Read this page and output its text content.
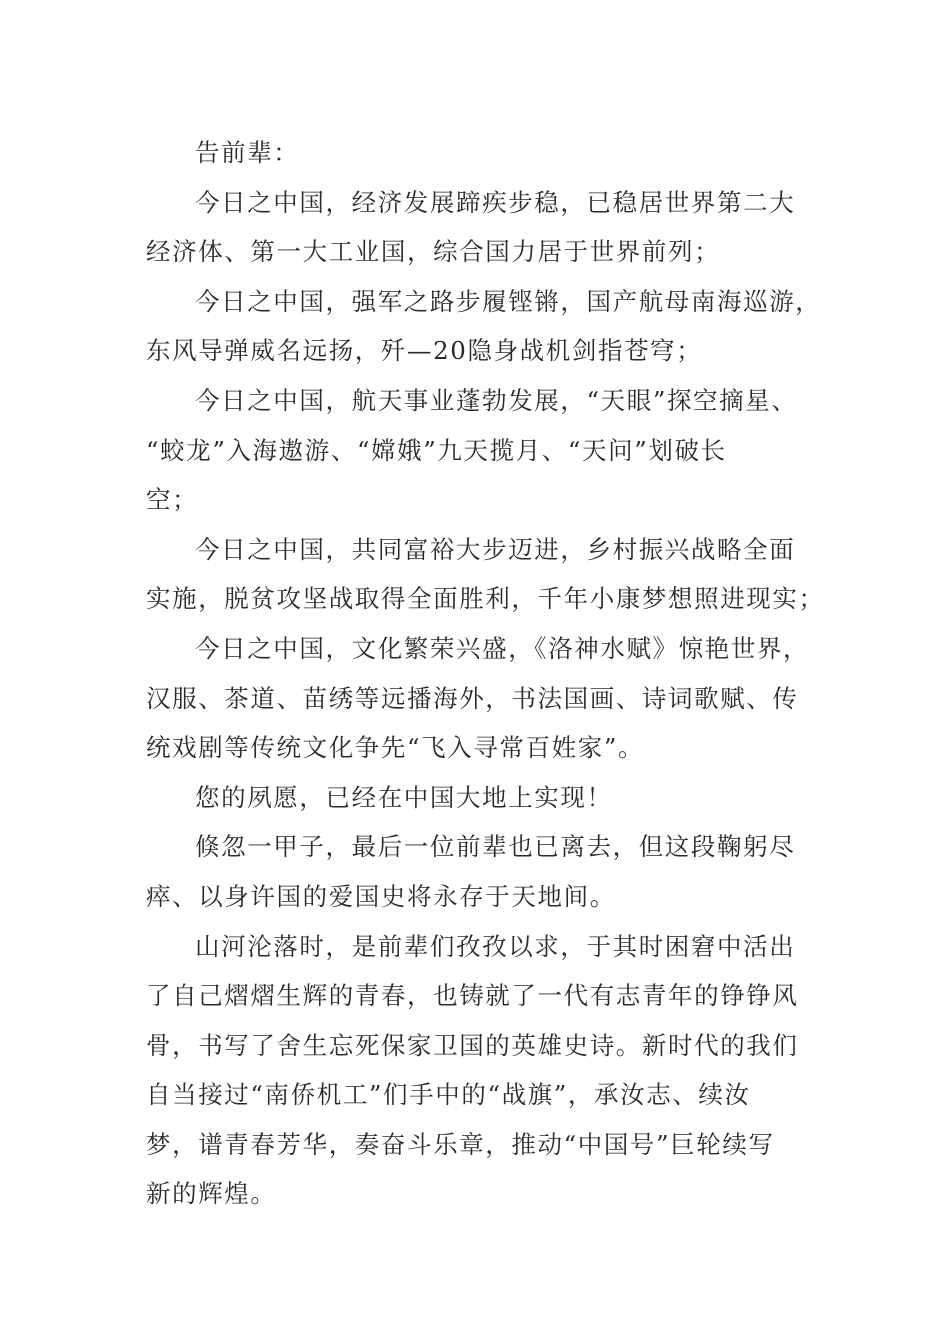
告前辈：

今日之中国，经济发展蹄疾步稳，已稳居世界第二大
经济体、第一大工业国，综合国力居于世界前列；

今日之中国，强军之路步履铿锵，国产航母南海巡游，
东风导弹威名远扬，歼—20隐身战机剑指苍穹；

今日之中国，航天事业蓬勃发展，“天眼”探空摘星、
“蛟龙”入海遨游、“嫦娥”九天揽月、“天问”划破长
空；

今日之中国，共同富裕大步迈进，乡村振兴战略全面
实施，脱贫攻坚战取得全面胜利，千年小康梦想照进现实；

今日之中国，文化繁荣兴盛，《洛神水赋》惊艳世界，
汉服、茶道、苗绣等远播海外，书法国画、诗词歌赋、传
统戏剧等传统文化争先“飞入寻常百姓家”。

您的夙愿，已经在中国大地上实现！

倏忽一甲子，最后一位前辈也已离去，但这段鞠躬尽
瘁、以身许国的爱国史将永存于天地间。

山河沦落时，是前辈们孜孜以求，于其时困窘中活出
了自己熠熠生辉的青春，也铸就了一代有志青年的铮铮风
骨，书写了舍生忘死保家卫国的英雄史诗。新时代的我们
自当接过“南侨机工”们手中的“战旗”，承汝志、续汝
梦，谱青春芳华，奏奋斗乐章，推动“中国号”巨轮续写
新的辉煌。
